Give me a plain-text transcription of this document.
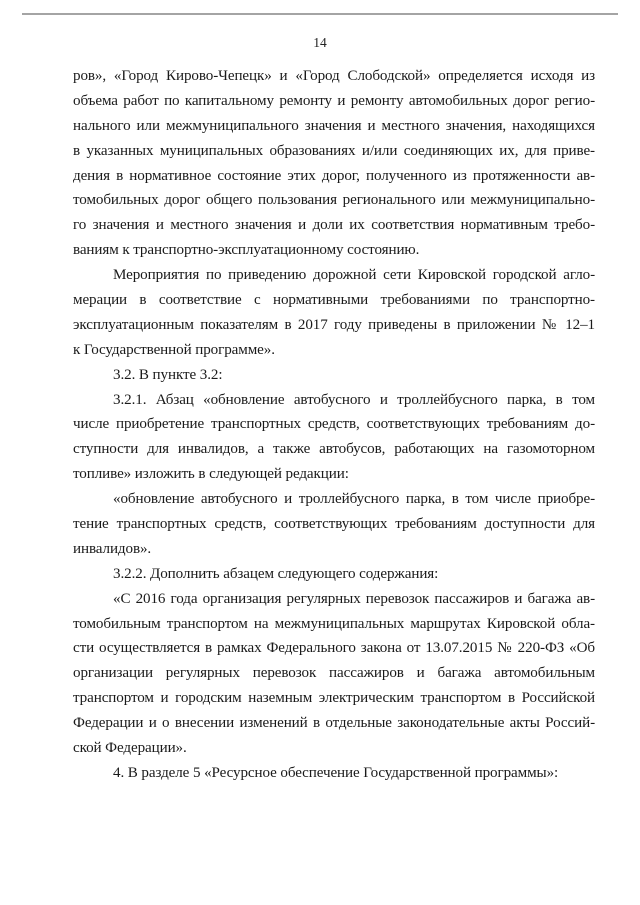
14
ров», «Город Кирово-Чепецк» и «Город Слободской» определяется исходя из
объема работ по капитальному ремонту и ремонту автомобильных дорог регио-
нального или межмуниципального значения и местного значения, находящихся
в указанных муниципальных образованиях и/или соединяющих их, для приве-
дения в нормативное состояние этих дорог, полученного из протяженности ав-
томобильных дорог общего пользования регионального или межмуниципально-
го значения и местного значения и доли их соответствия нормативным требо-
ваниям к транспортно-эксплуатационному состоянию.
Мероприятия по приведению дорожной сети Кировской городской агло-
мерации в соответствие с нормативными требованиями по транспортно-
эксплуатационным показателям в 2017 году приведены в приложении № 12–1
к Государственной программе».
3.2. В пункте 3.2:
3.2.1. Абзац «обновление автобусного и троллейбусного парка, в том
числе приобретение транспортных средств, соответствующих требованиям до-
ступности для инвалидов, а также автобусов, работающих на газомоторном
топливе» изложить в следующей редакции:
«обновление автобусного и троллейбусного парка, в том числе приобре-
тение транспортных средств, соответствующих требованиям доступности для
инвалидов».
3.2.2. Дополнить абзацем следующего содержания:
«С 2016 года организация регулярных перевозок пассажиров и багажа ав-
томобильным транспортом на межмуниципальных маршрутах Кировской обла-
сти осуществляется в рамках Федерального закона от 13.07.2015 № 220-ФЗ «Об
организации регулярных перевозок пассажиров и багажа автомобильным
транспортом и городским наземным электрическим транспортом в Российской
Федерации и о внесении изменений в отдельные законодательные акты Россий-
ской Федерации».
4. В разделе 5 «Ресурсное обеспечение Государственной программы»:
